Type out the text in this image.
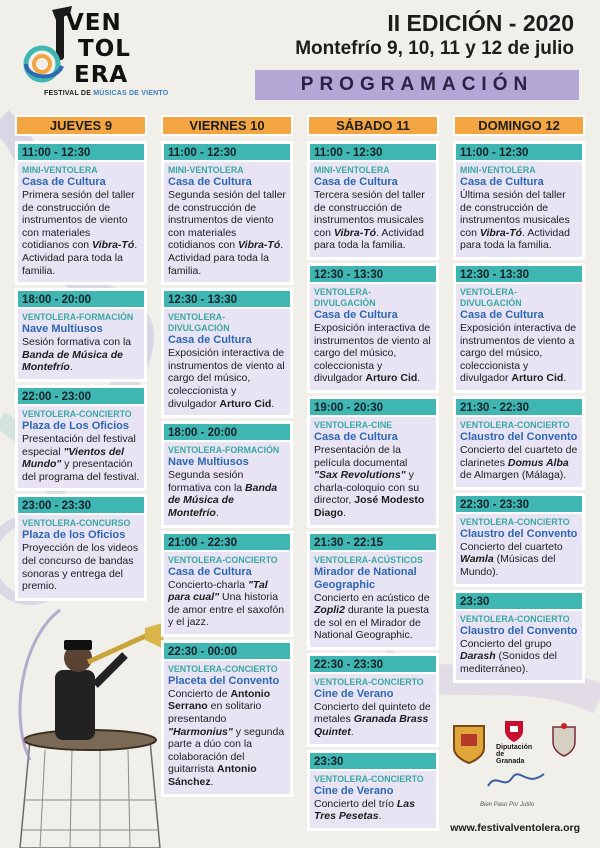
VEN
TOL
ERA
FESTIVAL DE MÚSICAS DE VIENTO
II EDICIÓN - 2020
Montefrío 9, 10, 11 y 12 de julio
PROGRAMACIÓN
JUEVES 9
11:00 - 12:30
MINI-VENTOLERA
Casa de Cultura
Primera sesión del taller de construcción de instrumentos de viento con materiales cotidianos con Vibra-Tó. Actividad para toda la familia.
18:00 - 20:00
VENTOLERA-FORMACIÓN
Nave Multiusos
Sesión formativa con la Banda de Música de Montefrío.
22:00 - 23:00
VENTOLERA-CONCIERTO
Plaza de Los Oficios
Presentación del festival especial "Vientos del Mundo" y presentación del programa del festival.
23:00 - 23:30
VENTOLERA-CONCURSO
Plaza de los Oficios
Proyección de los videos del concurso de bandas sonoras y entrega del premio.
VIERNES 10
11:00 - 12:30
MINI-VENTOLERA
Casa de Cultura
Segunda sesión del taller de construcción de instrumentos de viento con materiales cotidianos con Vibra-Tó. Actividad para toda la familia.
12:30 - 13:30
VENTOLERA-DIVULGACIÓN
Casa de Cultura
Exposición interactiva de instrumentos de viento al cargo del músico, coleccionista y divulgador Arturo Cid.
18:00 - 20:00
VENTOLERA-FORMACIÓN
Nave Multiusos
Segunda sesión formativa con la Banda de Música de Montefrío.
21:00 - 22:30
VENTOLERA-CONCIERTO
Casa de Cultura
Concierto-charla "Tal para cual" Una historia de amor entre el saxofón y el jazz.
22:30 - 00:00
VENTOLERA-CONCIERTO
Placeta del Convento
Concierto de Antonio Serrano en solitario presentando "Harmonius" y segunda parte a dúo con la colaboración del guitarrista Antonio Sánchez.
SÁBADO 11
11:00 - 12:30
MINI-VENTOLERA
Casa de Cultura
Tercera sesión del taller de construcción de instrumentos musicales con Vibra-Tó. Actividad para toda la familia.
12:30 - 13:30
VENTOLERA-DIVULGACIÓN
Casa de Cultura
Exposición interactiva de instrumentos de viento al cargo del músico, coleccionista y divulgador Arturo Cid.
19:00 - 20:30
VENTOLERA-CINE
Casa de Cultura
Presentación de la película documental "Sax Revolutions" y charla-coloquio con su director, José Modesto Diago.
21:30 - 22:15
VENTOLERA-ACÚSTICOS
Mirador de National Geographic
Concierto en acústico de Zopli2 durante la puesta de sol en el Mirador de National Geographic.
22:30 - 23:30
VENTOLERA-CONCIERTO
Cine de Verano
Concierto del quinteto de metales Granada Brass Quintet.
23:30
VENTOLERA-CONCIERTO
Cine de Verano
Concierto del trío Las Tres Pesetas.
DOMINGO 12
11:00 - 12:30
MINI-VENTOLERA
Casa de Cultura
Última sesión del taller de construcción de instrumentos musicales con Vibra-Tó. Actividad para toda la familia.
12:30 - 13:30
VENTOLERA-DIVULGACIÓN
Casa de Cultura
Exposición interactiva de instrumentos de viento a cargo del músico, coleccionista y divulgador Arturo Cid.
21:30 - 22:30
VENTOLERA-CONCIERTO
Claustro del Convento
Concierto del cuarteto de clarinetes Domus Alba de Almargen (Málaga).
22:30 - 23:30
VENTOLERA-CONCIERTO
Claustro del Convento
Concierto del cuarteto Wamla (Músicas del Mundo).
23:30
VENTOLERA-CONCIERTO
Claustro del Convento
Concierto del grupo Darash (Sonidos del mediterráneo).
Diputación
de Granada
Bien Paso Por Jutilo
www.festivalventolera.org
